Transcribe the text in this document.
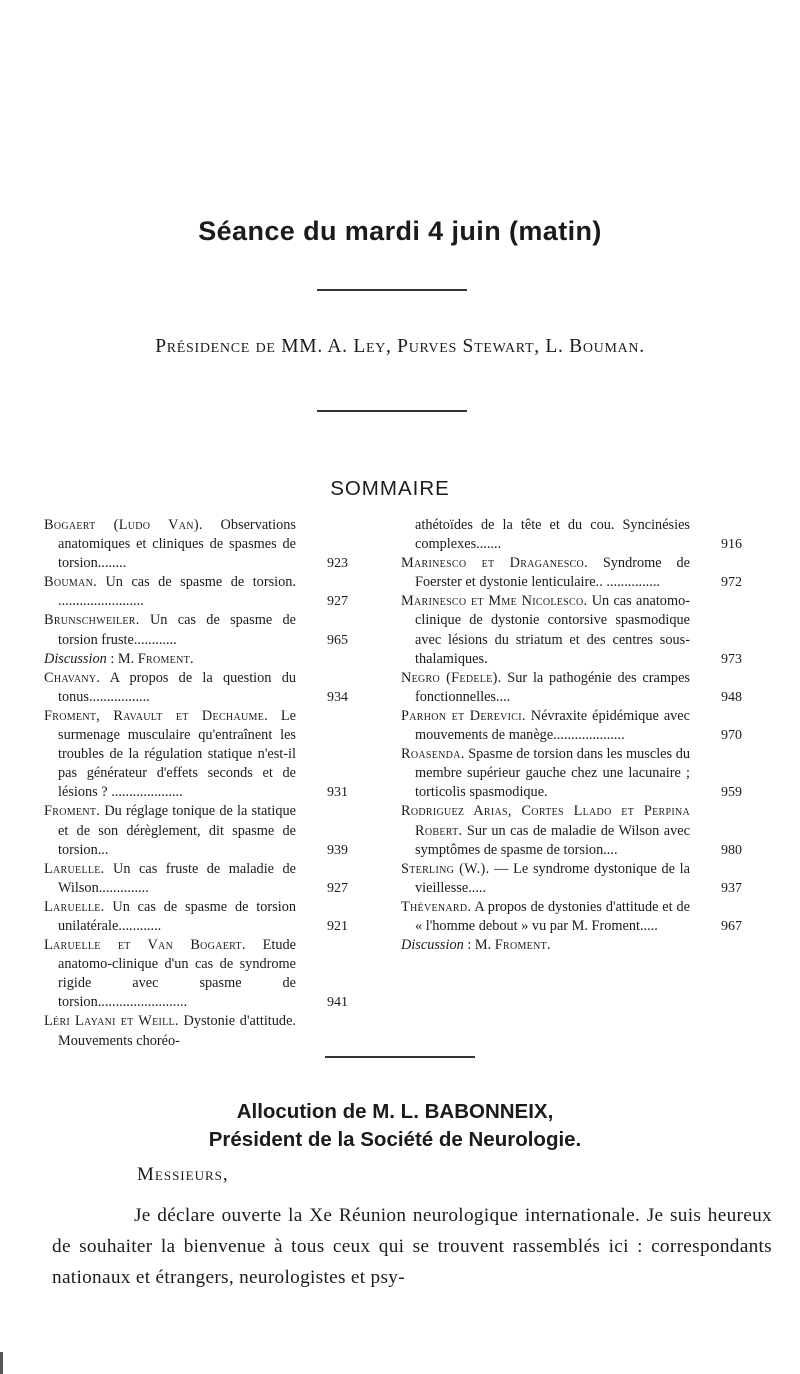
Séance du mardi 4 juin (matin)
Présidence de MM. A. Ley, Purves Stewart, L. Bouman.
SOMMAIRE
Bogaert (Ludo Van). Observations anatomiques et cliniques de spasmes de torsion........	923
Bouman. Un cas de spasme de torsion. ........................	927
Brunschweiler. Un cas de spasme de torsion fruste............	965
Discussion : M. Froment.
Chavany. A propos de la question du tonus.................	934
Froment, Ravault et Dechaume. Le surmenage musculaire qu'entraînent les troubles de la régulation statique n'est-il pas générateur d'effets seconds et de lésions ? ....................	931
Froment. Du réglage tonique de la statique et de son dérèglement, dit spasme de torsion...	939
Laruelle. Un cas fruste de maladie de Wilson..............	927
Laruelle. Un cas de spasme de torsion unilatérale............	921
Laruelle et Van Bogaert. Etude anatomo-clinique d'un cas de syndrome rigide avec spasme de torsion.........................	941
Léri Layani et Weill. Dystonie d'attitude. Mouvements choréo-
athétoïdes de la tête et du cou. Syncinésies complexes.......	916
Marinesco et Draganesco. Syndrome de Foerster et dystonie lenticulaire.. ...............	972
Marinesco et Mme Nicolesco. Un cas anatomo-clinique de dystonie contorsive spasmodique avec lésions du striatum et des centres sous-thalamiques.	973
Negro (Fedele). Sur la pathogénie des crampes fonctionnelles....	948
Parhon et Derevici. Névraxite épidémique avec mouvements de manège....................	970
Roasenda. Spasme de torsion dans les muscles du membre supérieur gauche chez une lacunaire ; torticolis spasmodique.	959
Rodriguez Arias, Cortes Llado et Perpina Robert. Sur un cas de maladie de Wilson avec symptômes de spasme de torsion....	980
Sterling (W.). — Le syndrome dystonique de la vieillesse.....	937
Thévenard. A propos de dystonies d'attitude et de « l'homme debout » vu par M. Froment.....	967
Discussion : M. Froment.
Allocution de M. L. BABONNEIX,
Président de la Société de Neurologie.
Messieurs,
Je déclare ouverte la Xe Réunion neurologique internationale. Je suis heureux de souhaiter la bienvenue à tous ceux qui se trouvent rassemblés ici : correspondants nationaux et étrangers, neurologistes et psy-
